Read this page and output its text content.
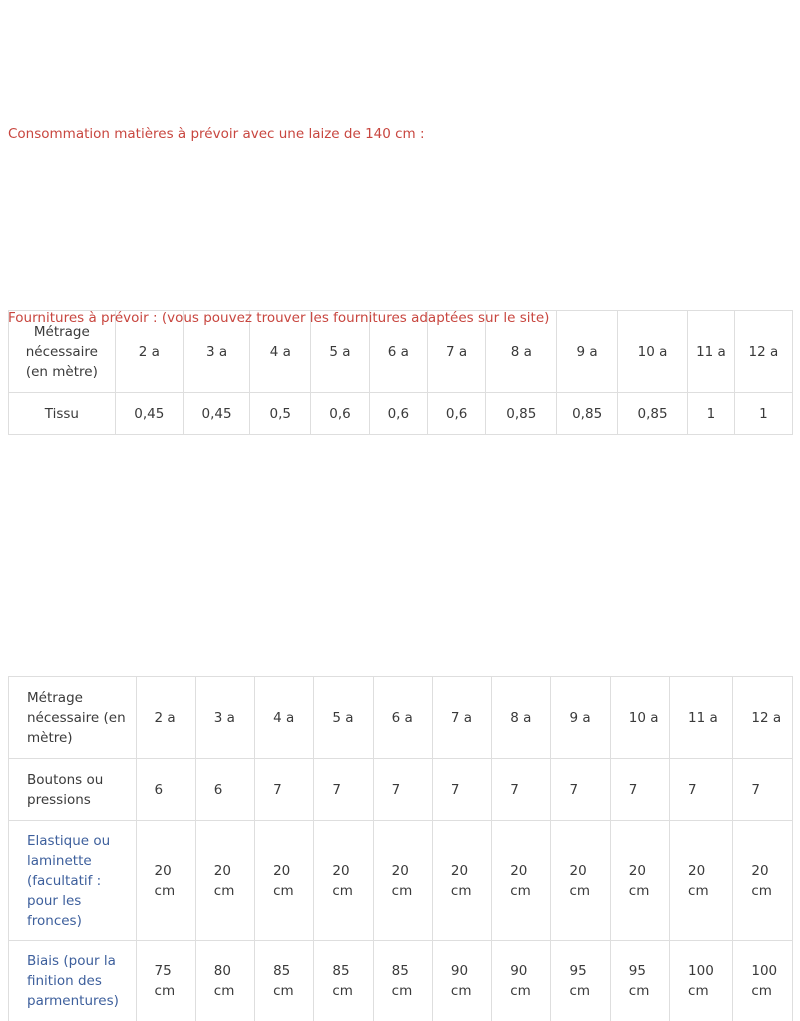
Consommation matières à prévoir avec une laize de 140 cm :
Métrage nécessaire (en mètre)	2 a	3 a	4 a	5 a	6 a	7 a	8 a	9 a	10 a	11 a	12 a
Tissu	0,45	0,45	0,5	0,6	0,6	0,6	0,85	0,85	0,85	1	1
Fournitures à prévoir : (vous pouvez trouver les fournitures adaptées sur le site)
Métrage nécessaire (en mètre)	2 a	3 a	4 a	5 a	6 a	7 a	8 a	9 a	10 a	11 a	12 a
Boutons ou pressions	6	6	7	7	7	7	7	7	7	7	7
Elastique ou laminette (facultatif : pour les fronces)	20 cm	20 cm	20 cm	20 cm	20 cm	20 cm	20 cm	20 cm	20 cm	20 cm	20 cm
Biais (pour la finition des parmentures)	75 cm	80 cm	85 cm	85 cm	85 cm	90 cm	90 cm	95 cm	95 cm	100 cm	100 cm
